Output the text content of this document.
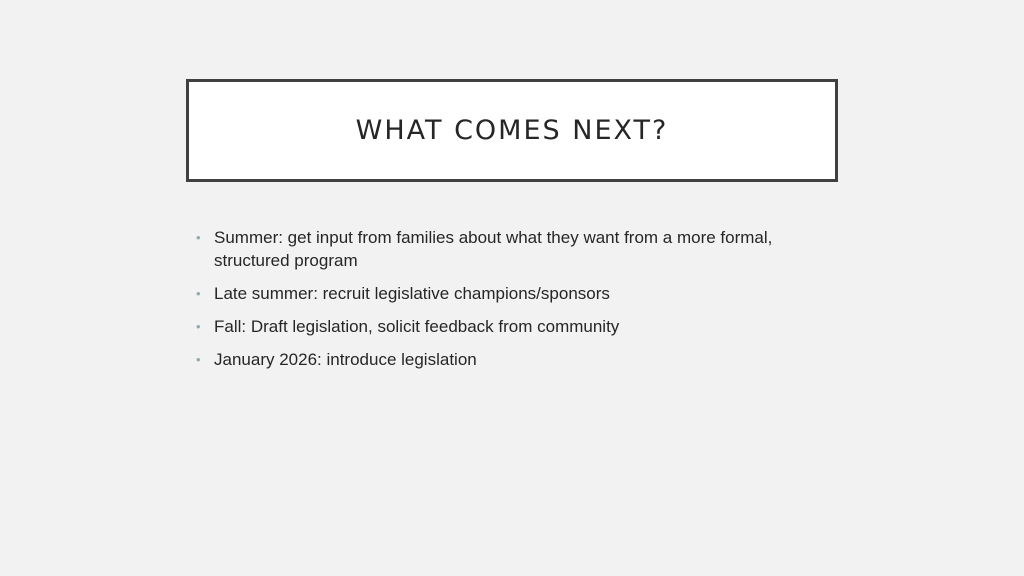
WHAT COMES NEXT?
• Summer: get input from families about what they want from a more formal, structured program
• Late summer: recruit legislative champions/sponsors
• Fall: Draft legislation, solicit feedback from community
• January 2026: introduce legislation
